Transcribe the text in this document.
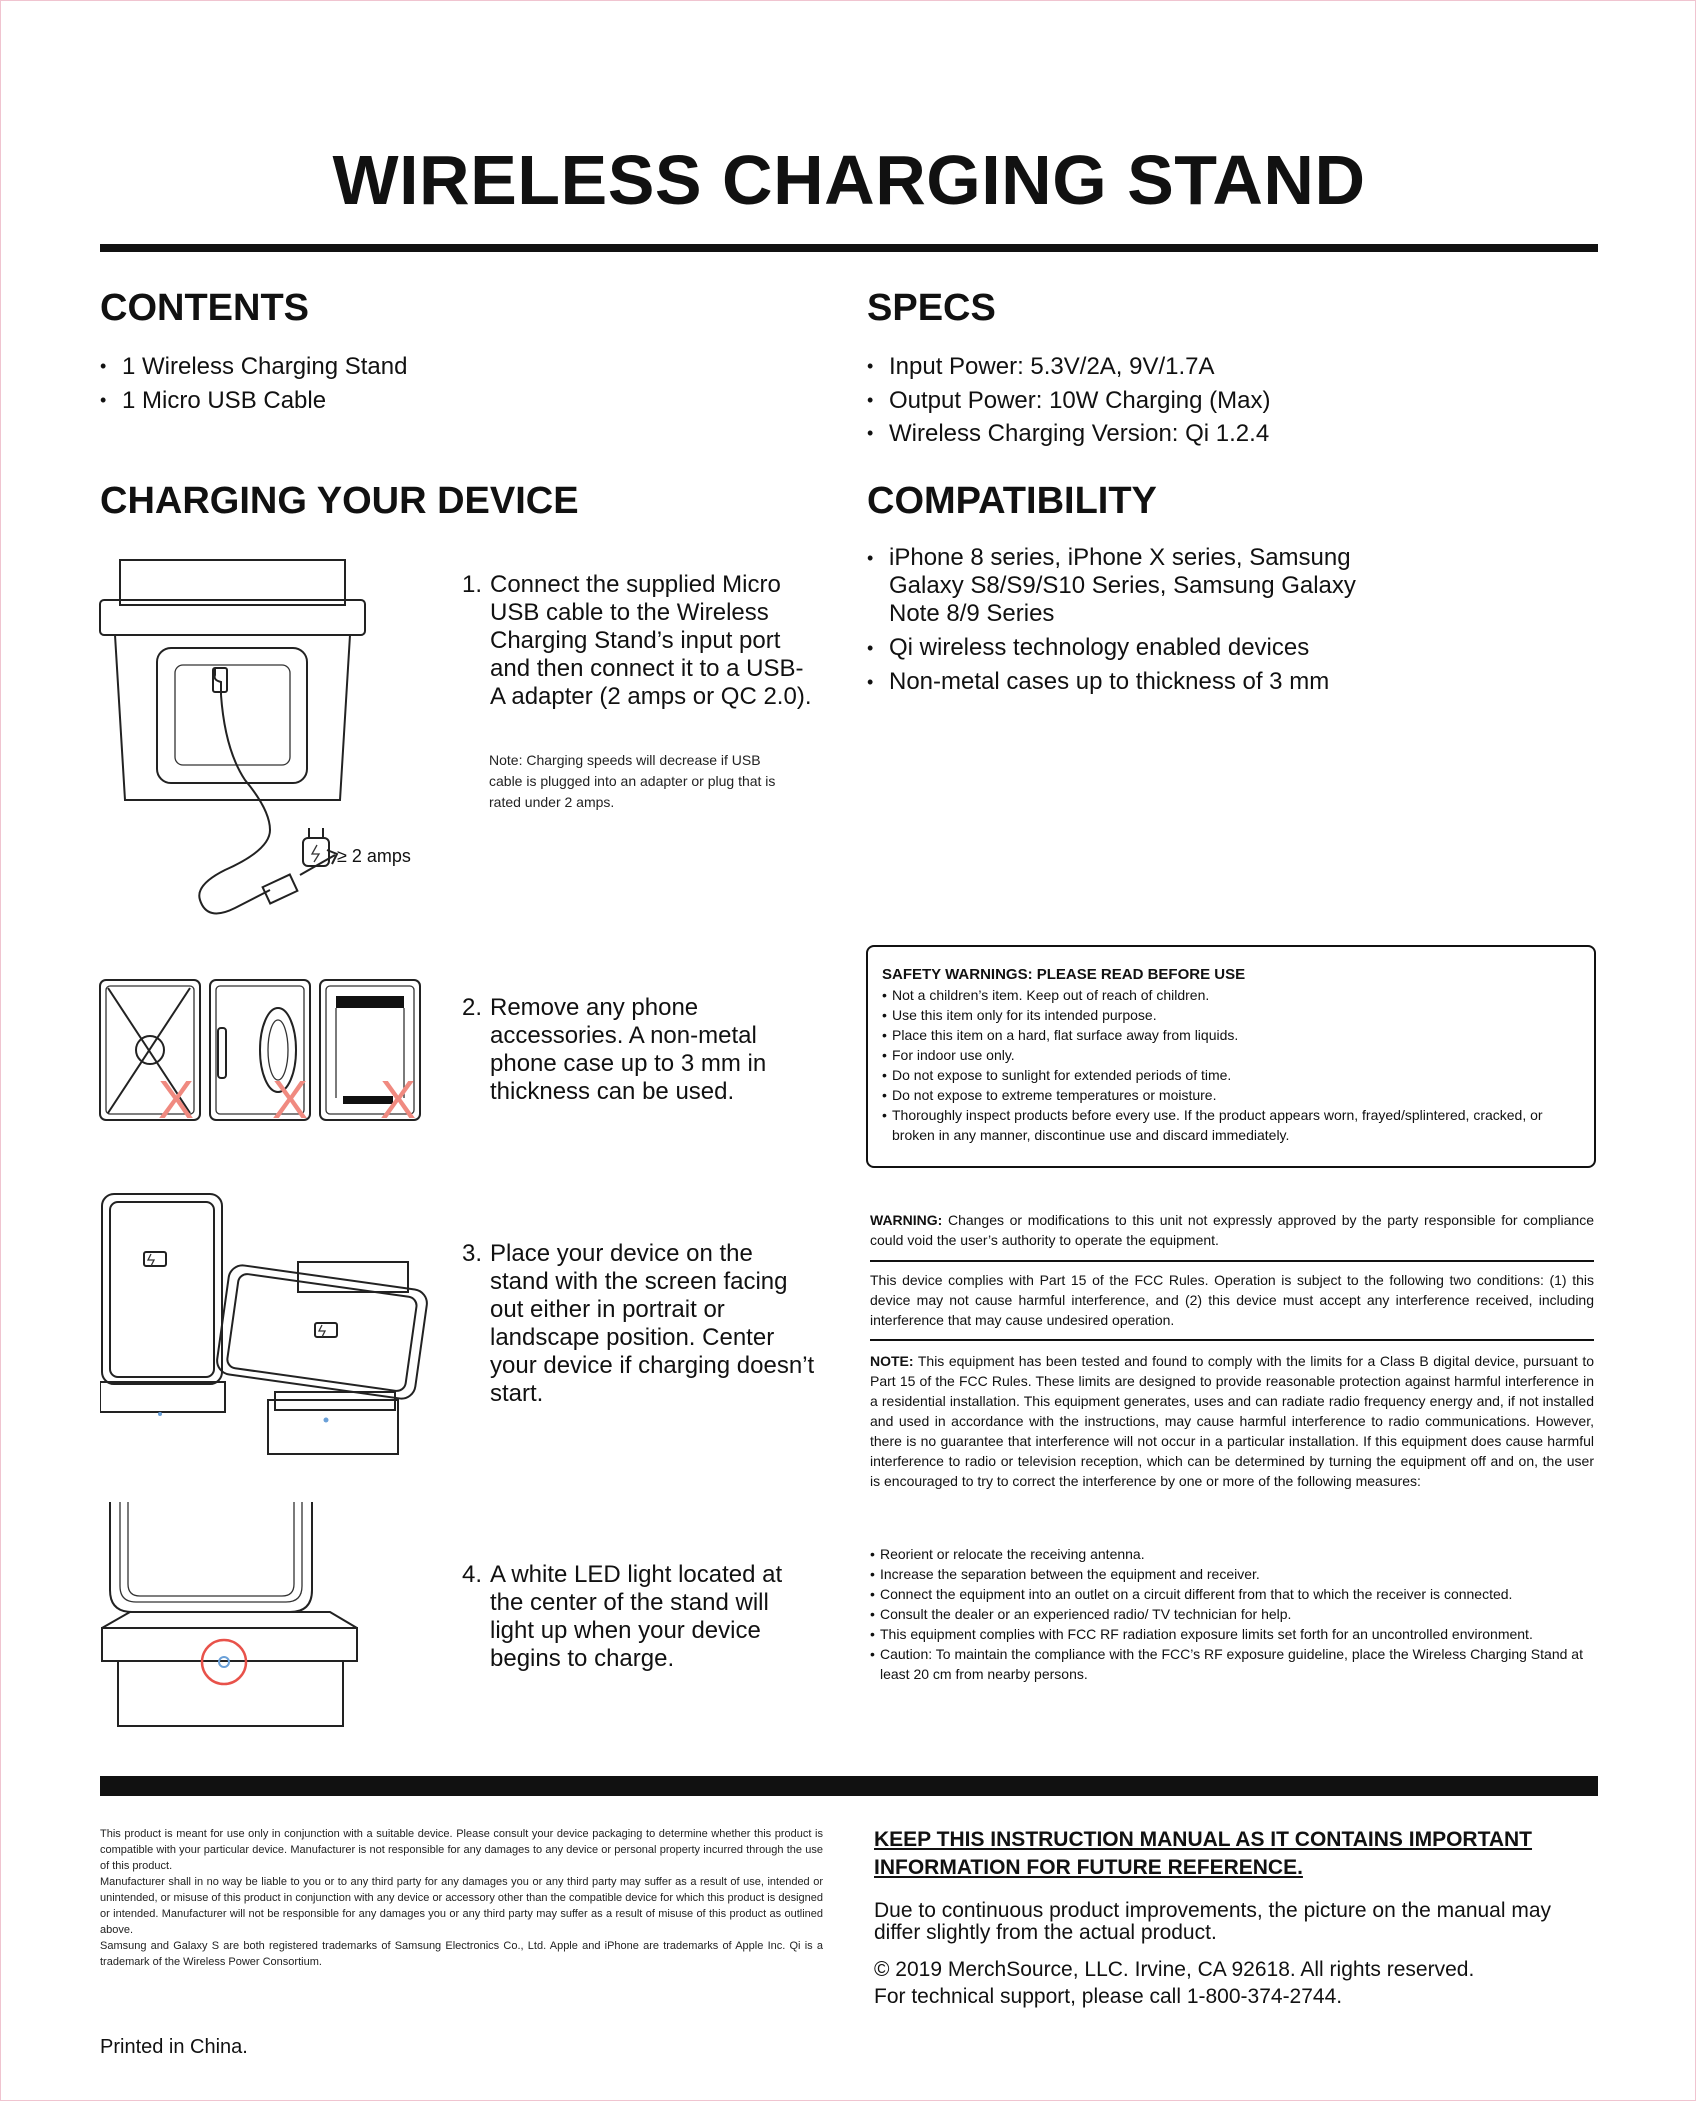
WIRELESS CHARGING STAND
CONTENTS
• 1 Wireless Charging Stand
• 1 Micro USB Cable
SPECS
• Input Power: 5.3V/2A, 9V/1.7A
• Output Power: 10W Charging (Max)
• Wireless Charging Version: Qi 1.2.4
CHARGING YOUR DEVICE
≥ 2 amps
1. Connect the supplied Micro USB cable to the Wireless Charging Stand’s input port and then connect it to a USB-A adapter (2 amps or QC 2.0).
Note: Charging speeds will decrease if USB cable is plugged into an adapter or plug that is rated under 2 amps.
X X X
2. Remove any phone accessories. A non-metal phone case up to 3 mm in thickness can be used.
3. Place your device on the stand with the screen facing out either in portrait or landscape position. Center your device if charging doesn’t start.
4. A white LED light located at the center of the stand will light up when your device begins to charge.
COMPATIBILITY
• iPhone 8 series, iPhone X series, Samsung Galaxy S8/S9/S10 Series, Samsung Galaxy Note 8/9 Series
• Qi wireless technology enabled devices
• Non-metal cases up to thickness of 3 mm
SAFETY WARNINGS: PLEASE READ BEFORE USE
• Not a children’s item. Keep out of reach of children.
• Use this item only for its intended purpose.
• Place this item on a hard, flat surface away from liquids.
• For indoor use only.
• Do not expose to sunlight for extended periods of time.
• Do not expose to extreme temperatures or moisture.
• Thoroughly inspect products before every use. If the product appears worn, frayed/splintered, cracked, or broken in any manner, discontinue use and discard immediately.
WARNING: Changes or modifications to this unit not expressly approved by the party responsible for compliance could void the user’s authority to operate the equipment.
This device complies with Part 15 of the FCC Rules. Operation is subject to the following two conditions: (1) this device may not cause harmful interference, and (2) this device must accept any interference received, including interference that may cause undesired operation.
NOTE: This equipment has been tested and found to comply with the limits for a Class B digital device, pursuant to Part 15 of the FCC Rules. These limits are designed to provide reasonable protection against harmful interference in a residential installation. This equipment generates, uses and can radiate radio frequency energy and, if not installed and used in accordance with the instructions, may cause harmful interference to radio communications. However, there is no guarantee that interference will not occur in a particular installation. If this equipment does cause harmful interference to radio or television reception, which can be determined by turning the equipment off and on, the user is encouraged to try to correct the interference by one or more of the following measures:
• Reorient or relocate the receiving antenna.
• Increase the separation between the equipment and receiver.
• Connect the equipment into an outlet on a circuit different from that to which the receiver is connected.
• Consult the dealer or an experienced radio/ TV technician for help.
• This equipment complies with FCC RF radiation exposure limits set forth for an uncontrolled environment.
• Caution: To maintain the compliance with the FCC’s RF exposure guideline, place the Wireless Charging Stand at least 20 cm from nearby persons.

This product is meant for use only in conjunction with a suitable device. Please consult your device packaging to determine whether this product is compatible with your particular device. Manufacturer is not responsible for any damages to any device or personal property incurred through the use of this product.

Manufacturer shall in no way be liable to you or to any third party for any damages you or any third party may suffer as a result of use, intended or unintended, or misuse of this product in conjunction with any device or accessory other than the compatible device for which this product is designed or intended. Manufacturer will not be responsible for any damages you or any third party may suffer as a result of misuse of this product as outlined above.

Samsung and Galaxy S are both registered trademarks of Samsung Electronics Co., Ltd. Apple and iPhone are trademarks of Apple Inc. Qi is a trademark of the Wireless Power Consortium.

Printed in China.
KEEP THIS INSTRUCTION MANUAL AS IT CONTAINS IMPORTANT INFORMATION FOR FUTURE REFERENCE.
Due to continuous product improvements, the picture on the manual may differ slightly from the actual product.
© 2019 MerchSource, LLC. Irvine, CA 92618. All rights reserved.
For technical support, please call 1-800-374-2744.
